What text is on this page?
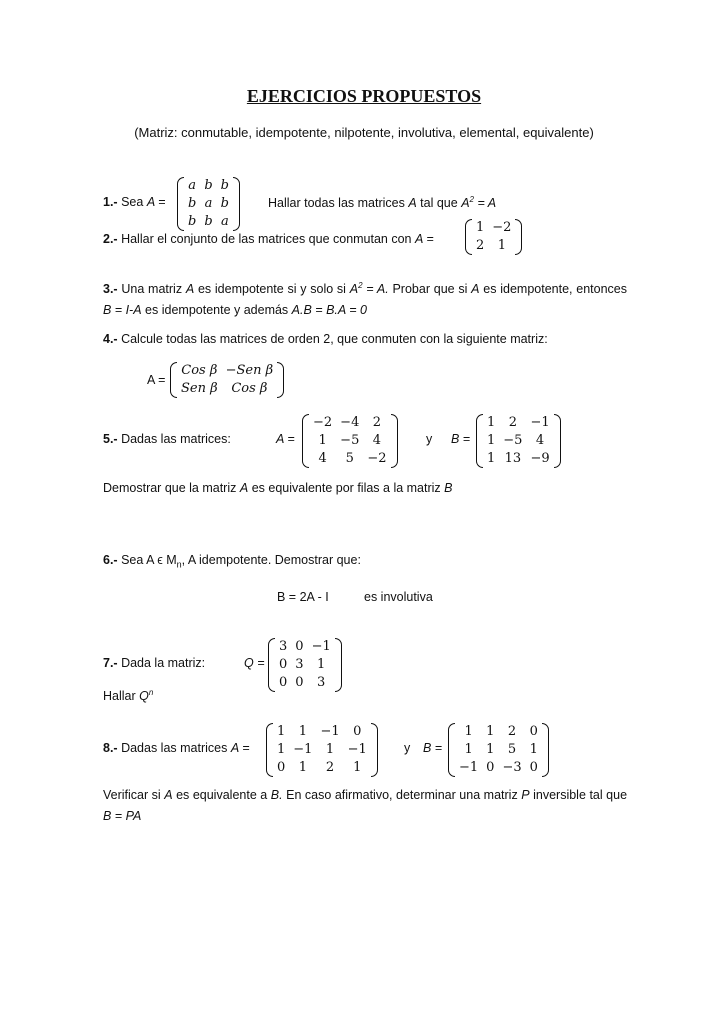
EJERCICIOS PROPUESTOS
(Matriz: conmutable, idempotente, nilpotente, involutiva, elemental, equivalente)
1.- Sea A =
a	b	b
b	a	b
b	b	a
Hallar todas las matrices A tal que $A^2 = A$
2.- Hallar el conjunto de las matrices que conmutan con A =
1	−2
2	1
3.- Una matriz A es idempotente si y solo si $A^2 = A$. Probar que si A es idempotente, entonces B = I-A es idempotente y además A.B = B.A = 0
4.- Calcule todas las matrices de orden 2, que conmuten con la siguiente matriz:
A =
Cos β	−Sen β
Sen β	Cos β
5.- Dadas las matrices:	A =
−2	−4	2
1	−5	4
4	5	−2
y B =
1	2	−1
1	−5	4
1	13	−9
Demostrar que la matriz A es equivalente por filas a la matriz B
6.- Sea A ϵ $M_n$, A idempotente. Demostrar que:
B = 2A - I	es involutiva
7.- Dada la matriz:	Q =
3	0	−1
0	3	1
0	0	3
Hallar $Q^n$
8.- Dadas las matrices A =
1	1	−1	0
1	−1	1	−1
0	1	2	1
y B =
1	1	2	0
1	1	5	1
−1	0	−3	0
Verificar si A es equivalente a B. En caso afirmativo, determinar una matriz P inversible tal que B = PA
